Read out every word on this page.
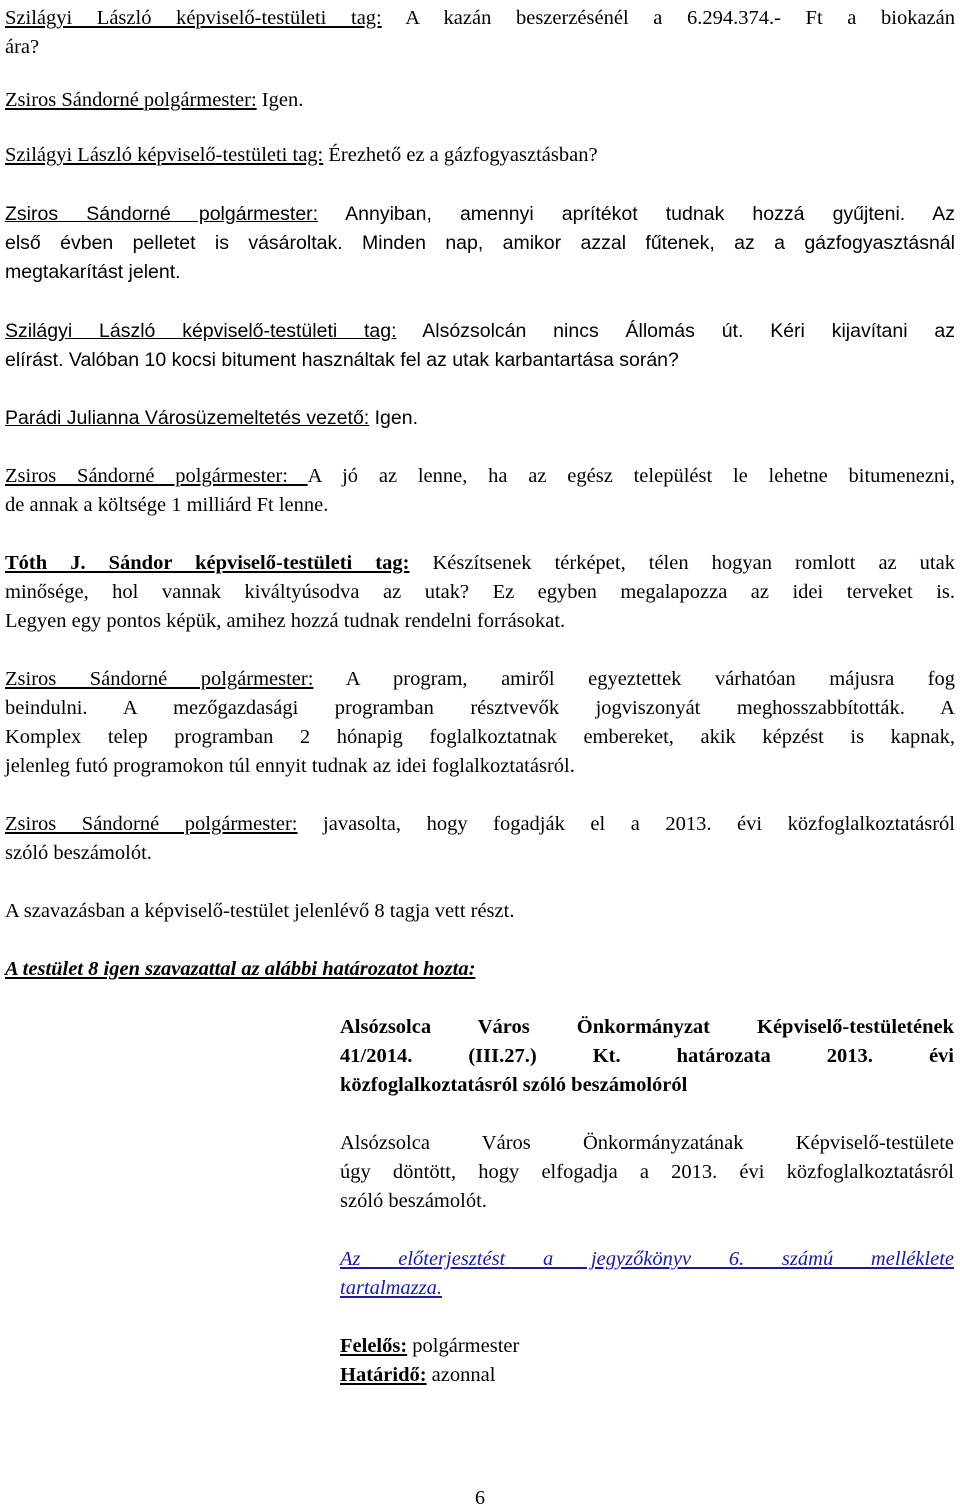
Szilágyi László képviselő-testületi tag: A kazán beszerzésénél a 6.294.374.- Ft a biokazán
ára?
Zsiros Sándorné polgármester: Igen.
Szilágyi László képviselő-testületi tag: Érezhető ez a gázfogyasztásban?
Zsiros Sándorné polgármester: Annyiban, amennyi aprítékot tudnak hozzá gyűjteni. Az
első évben pelletet is vásároltak. Minden nap, amikor azzal fűtenek, az a gázfogyasztásnál
megtakarítást jelent.
Szilágyi László képviselő-testületi tag: Alsózsolcán nincs Állomás út. Kéri kijavítani az
elírást. Valóban 10 kocsi bitument használtak fel az utak karbantartása során?
Parádi Julianna Városüzemeltetés vezető: Igen.
Zsiros Sándorné polgármester: A jó az lenne, ha az egész települést le lehetne bitumenezni,
de annak a költsége 1 milliárd Ft lenne.
Tóth J. Sándor képviselő-testületi tag: Készítsenek térképet, télen hogyan romlott az utak
minősége, hol vannak kiváltyúsodva az utak? Ez egyben megalapozza az idei terveket is.
Legyen egy pontos képük, amihez hozzá tudnak rendelni forrásokat.
Zsiros Sándorné polgármester: A program, amiről egyeztettek várhatóan májusra fog
beindulni. A mezőgazdasági programban résztvevők jogviszonyát meghosszabbították. A
Komplex telep programban 2 hónapig foglalkoztatnak embereket, akik képzést is kapnak,
jelenleg futó programokon túl ennyit tudnak az idei foglalkoztatásról.
Zsiros Sándorné polgármester: javasolta, hogy fogadják el a 2013. évi közfoglalkoztatásról
szóló beszámolót.
A szavazásban a képviselő-testület jelenlévő 8 tagja vett részt.
A testület 8 igen szavazattal az alábbi határozatot hozta:
Alsózsolca Város Önkormányzat Képviselő-testületének
41/2014. (III.27.) Kt. határozata 2013. évi
közfoglalkoztatásról szóló beszámolóról
Alsózsolca Város Önkormányzatának Képviselő-testülete
úgy döntött, hogy elfogadja a 2013. évi közfoglalkoztatásról
szóló beszámolót.
Az előterjesztést a jegyzőkönyv 6. számú melléklete
tartalmazza.
Felelős: polgármester
Határidő: azonnal
6
